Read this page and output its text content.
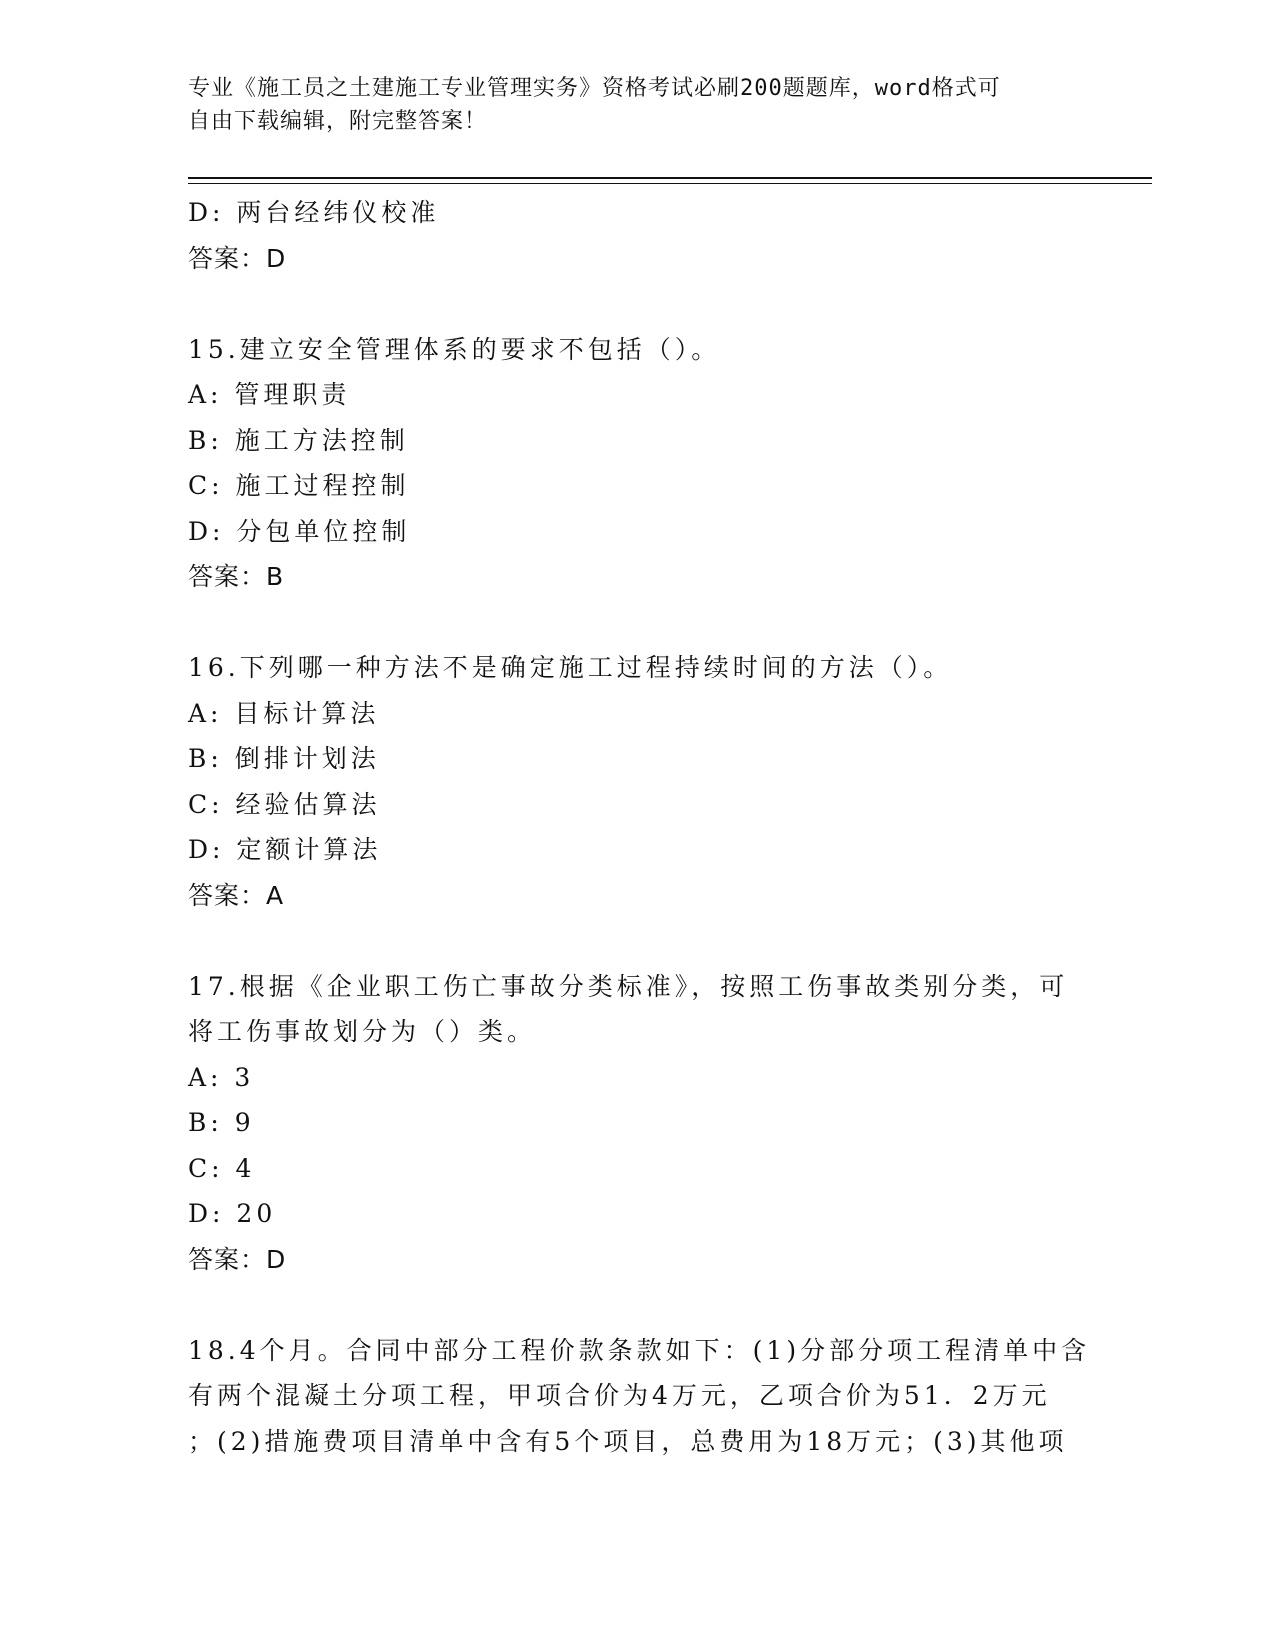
专业《施工员之土建施工专业管理实务》资格考试必刷200题题库，word格式可
自由下载编辑，附完整答案！
D: 两台经纬仪校准
答案：D
15.建立安全管理体系的要求不包括（）。
A: 管理职责
B: 施工方法控制
C: 施工过程控制
D: 分包单位控制
答案：B
16.下列哪一种方法不是确定施工过程持续时间的方法（）。
A: 目标计算法
B: 倒排计划法
C: 经验估算法
D: 定额计算法
答案：A
17.根据《企业职工伤亡事故分类标准》，按照工伤事故类别分类，可
将工伤事故划分为（）类。
A: 3
B: 9
C: 4
D: 20
答案：D
18.4个月。合同中部分工程价款条款如下：(1)分部分项工程清单中含
有两个混凝土分项工程，甲项合价为4万元，乙项合价为51．2万元
；(2)措施费项目清单中含有5个项目，总费用为18万元；(3)其他项
